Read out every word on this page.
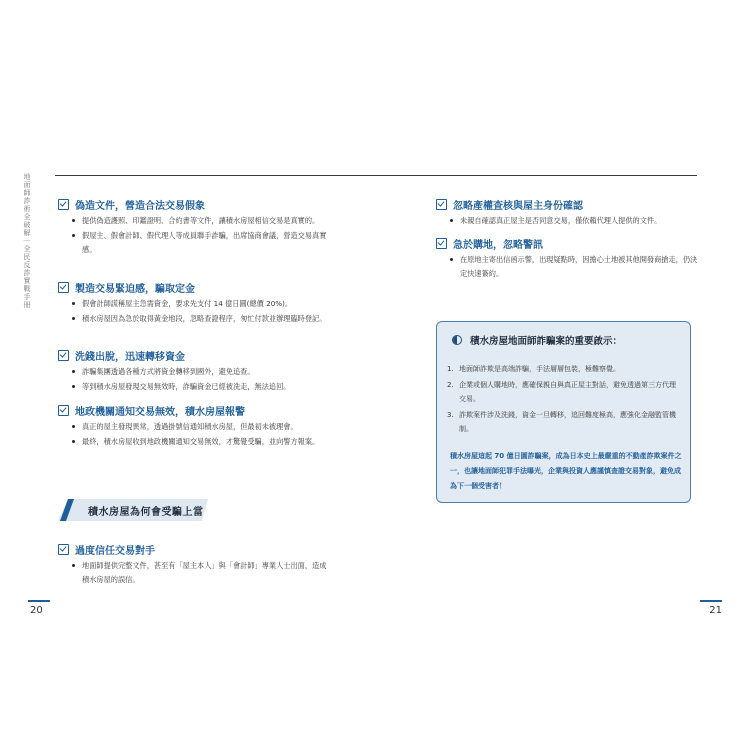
地面師詐術全破解｜全民反詐實戰手冊	偽造文件，營造合法交易假象
提供偽造護照、印鑑證明、合約書等文件，讓積水房屋相信交易是真實的。
假屋主、假會計師、假代理人等成員聯手詐騙，出席協商會議，營造交易真實感。
製造交易緊迫感，騙取定金
假會計師謊稱屋主急需資金，要求先支付 14 億日圓(總價 20%)。
積水房屋因為急於取得黃金地段，忽略查證程序，匆忙付款並辦理臨時登記。
洗錢出脫，迅速轉移資金
詐騙集團透過各種方式將資金轉移到國外，避免追查。
等到積水房屋發現交易無效時，詐騙資金已經被洗走，無法追回。
地政機關通知交易無效，積水房屋報警
真正的屋主發現異常，透過掛號信通知積水房屋，但最初未被理會。
最終，積水房屋收到地政機關通知交易無效，才驚覺受騙，並向警方報案。
積水房屋為何會受騙上當
過度信任交易對手
地面師提供完整文件，甚至有「屋主本人」與「會計師」專業人士出面，造成積水房屋的誤信。
20
忽略產權查核與屋主身份確認
未親自確認真正屋主是否同意交易，僅依賴代理人提供的文件。
急於購地，忽略警訊
在原地主寄出信函示警，出現疑點時，因擔心土地被其他開發商搶走，仍決定快速簽約。
積水房屋地面師詐騙案的重要啟示：
1. 地面師詐欺是高端詐騙，手法層層包裝，極難察覺。
2. 企業或個人購地時，應確保親自與真正屋主對話，避免透過第三方代理交易。
3. 詐欺案件涉及洗錢，資金一旦轉移，追回難度極高，應強化金融監管機制。
積水房屋這起 70 億日圓詐騙案，成為日本史上最嚴重的不動產詐欺案件之一，也讓地面師犯罪手法曝光，企業與投資人應謹慎查證交易對象，避免成為下一個受害者！
21
